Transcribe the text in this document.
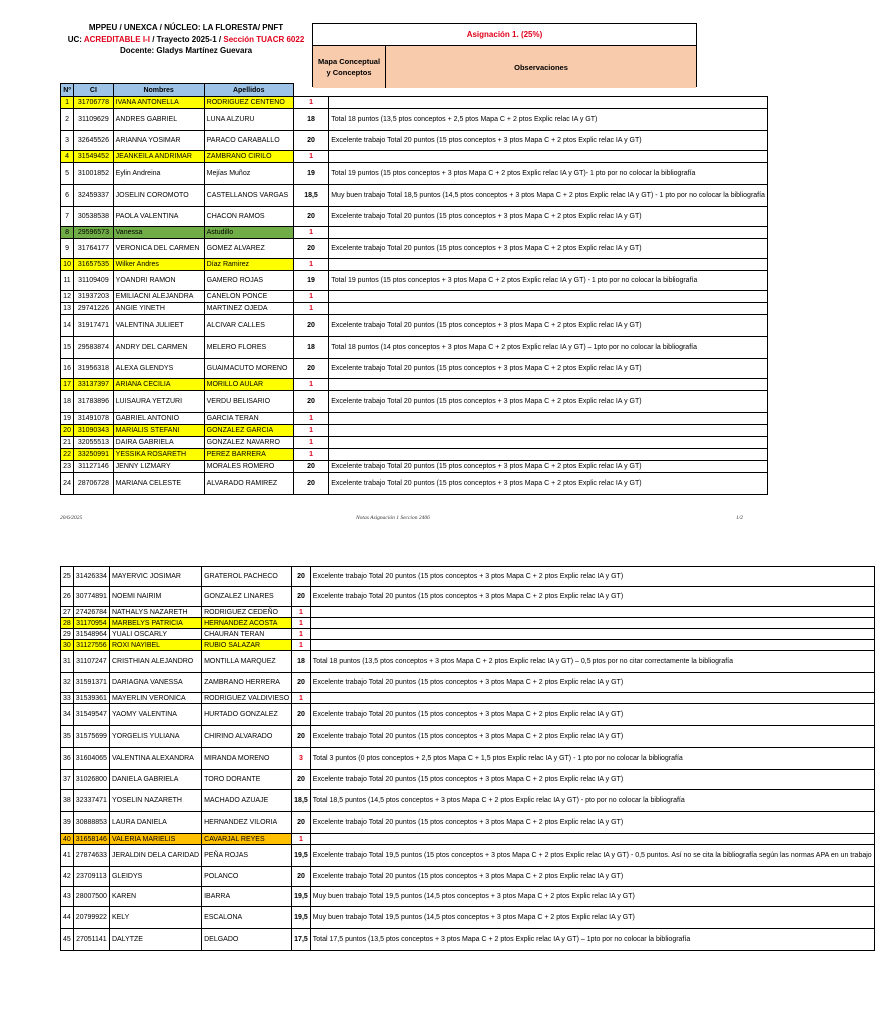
MPPEU / UNEXCA / NÚCLEO: LA FLORESTA/ PNFT
UC: ACREDITABLE I-I / Trayecto 2025-1 / Sección TUACR 6022
Docente: Gladys Martínez Guevara
Asignación 1. (25%)
Mapa Conceptual y Conceptos
Observaciones
Nº	CI	Nombres	Apellidos		
1	31706778	IVANA ANTONELLA	RODRIGUEZ CENTENO	1	
2	31109629	ANDRES GABRIEL	LUNA ALZURU	18	Total 18 puntos (13,5 ptos conceptos + 2,5 ptos Mapa C + 2 ptos Explic relac IA y GT)
3	32645526	ARIANNA YOSIMAR	PARACO CARABALLO	20	Excelente trabajo Total 20 puntos (15 ptos conceptos + 3 ptos Mapa C + 2 ptos Explic relac IA y GT)
4	31549452	JEANKEILA ANDRIMAR	ZAMBRANO CIRILO	1	
5	31001852	Eylin Andreina	Mejías Muñoz	19	Total 19 puntos (15 ptos conceptos + 3 ptos Mapa C + 2 ptos Explic relac IA y GT)- 1 pto por no colocar la bibliografía
6	32459337	JOSELIN COROMOTO	CASTELLANOS VARGAS	18,5	Muy buen trabajo Total 18,5 puntos (14,5 ptos conceptos + 3 ptos Mapa C + 2 ptos Explic relac IA y GT) - 1 pto por no colocar la bibliografía
7	30538538	PAOLA VALENTINA	CHACON RAMOS	20	Excelente trabajo Total 20 puntos (15 ptos conceptos + 3 ptos Mapa C + 2 ptos Explic relac IA y GT)
8	29596573	Vanessa	Astudillo	1	
9	31764177	VERONICA DEL CARMEN	GOMEZ ALVAREZ	20	Excelente trabajo Total 20 puntos (15 ptos conceptos + 3 ptos Mapa C + 2 ptos Explic relac IA y GT)
10	31657535	Wilker Andres	Díaz Ramirez	1	
11	31109409	YOANDRI RAMON	GAMERO ROJAS	19	Total 19 puntos (15 ptos conceptos + 3 ptos Mapa C + 2 ptos Explic relac IA y GT) - 1 pto por no colocar la bibliografía
12	31937203	EMILIACNI ALEJANDRA	CANELON PONCE	1	
13	29741226	ANGIE YINETH	MARTINEZ OJEDA	1	
14	31917471	VALENTINA JULIEET	ALCIVAR CALLES	20	Excelente trabajo Total 20 puntos (15 ptos conceptos + 3 ptos Mapa C + 2 ptos Explic relac IA y GT)
15	29583874	ANDRY DEL CARMEN	MELERO FLORES	18	Total 18 puntos (14 ptos conceptos + 3 ptos Mapa C + 2 ptos Explic relac IA y GT) – 1pto por no colocar la bibliografía
16	31956318	ALEXA GLENDYS	GUAIMACUTO MORENO	20	Excelente trabajo Total 20 puntos (15 ptos conceptos + 3 ptos Mapa C + 2 ptos Explic relac IA y GT)
17	33137397	ARIANA CECILIA	MORILLO AULAR	1	
18	31783896	LUISAURA YETZURI	VERDU BELISARIO	20	Excelente trabajo Total 20 puntos (15 ptos conceptos + 3 ptos Mapa C + 2 ptos Explic relac IA y GT)
19	31491078	GABRIEL ANTONIO	GARCIA TERAN	1	
20	31090343	MARIALIS STEFANI	GONZALEZ GARCIA	1	
21	32055513	DAIRA GABRIELA	GONZALEZ NAVARRO	1	
22	33250991	YESSIKA ROSARETH	PEREZ BARRERA	1	
23	31127146	JENNY LIZMARY	MORALES ROMERO	20	Excelente trabajo Total 20 puntos (15 ptos conceptos + 3 ptos Mapa C + 2 ptos Explic relac IA y GT)
24	28706728	MARIANA CELESTE	ALVARADO RAMIREZ	20	Excelente trabajo Total 20 puntos (15 ptos conceptos + 3 ptos Mapa C + 2 ptos Explic relac IA y GT)
20/6/2025	Notas Asignación 1 Seccion 2406	1/2
25	31426334	MAYERVIC JOSIMAR	GRATEROL PACHECO	20	Excelente trabajo Total 20 puntos (15 ptos conceptos + 3 ptos Mapa C + 2 ptos Explic relac IA y GT)
26	30774891	NOEMI NAIRIM	GONZALEZ LINARES	20	Excelente trabajo Total 20 puntos (15 ptos conceptos + 3 ptos Mapa C + 2 ptos Explic relac IA y GT)
27	27426784	NATHALYS NAZARETH	RODRIGUEZ CEDEÑO	1	
28	31170954	MARBELYS PATRICIA	HERNANDEZ ACOSTA	1	
29	31548964	YUALI OSCARLY	CHAURAN TERAN	1	
30	31127556	ROXI NAYIBEL	RUBIO SALAZAR	1	
31	31107247	CRISTHIAN ALEJANDRO	MONTILLA MARQUEZ	18	Total 18 puntos (13,5 ptos conceptos + 3 ptos Mapa C + 2 ptos Explic relac IA y GT) – 0,5 ptos por no citar correctamente la bibliografía
32	31591371	DARIAGNA VANESSA	ZAMBRANO HERRERA	20	Excelente trabajo Total 20 puntos (15 ptos conceptos + 3 ptos Mapa C + 2 ptos Explic relac IA y GT)
33	31539361	MAYERLIN VERONICA	RODRIGUEZ VALDIVIESO	1	
34	31549547	YAOMY VALENTINA	HURTADO GONZALEZ	20	Excelente trabajo Total 20 puntos (15 ptos conceptos + 3 ptos Mapa C + 2 ptos Explic relac IA y GT)
35	31575699	YORGELIS YULIANA	CHIRINO ALVARADO	20	Excelente trabajo Total 20 puntos (15 ptos conceptos + 3 ptos Mapa C + 2 ptos Explic relac IA y GT)
36	31604065	VALENTINA ALEXANDRA	MIRANDA MORENO	3	Total 3 puntos (0 ptos conceptos + 2,5 ptos Mapa C + 1,5 ptos Explic relac IA y GT) - 1 pto por no colocar la bibliografía
37	31026800	DANIELA GABRIELA	TORO DORANTE	20	Excelente trabajo Total 20 puntos (15 ptos conceptos + 3 ptos Mapa C + 2 ptos Explic relac IA y GT)
38	32337471	YOSELIN NAZARETH	MACHADO AZUAJE	18,5	Total 18,5 puntos (14,5 ptos conceptos + 3 ptos Mapa C + 2 ptos Explic relac IA y GT) - pto por no colocar la bibliografía
39	30888853	LAURA DANIELA	HERNANDEZ VILORIA	20	Excelente trabajo Total 20 puntos (15 ptos conceptos + 3 ptos Mapa C + 2 ptos Explic relac IA y GT)
40	31658146	VALERIA MARIELIS	CAVARJAL REYES	1	
41	27874633	JERALDIN DELA CARIDAD	PEÑA ROJAS	19,5	Excelente trabajo Total 19,5 puntos (15 ptos conceptos + 3 ptos Mapa C + 2 ptos Explic relac IA y GT) - 0,5 puntos. Así no se cita la bibliografía según las normas APA en un trabajo
42	23709113	GLEIDYS	POLANCO	20	Excelente trabajo Total 20 puntos (15 ptos conceptos + 3 ptos Mapa C + 2 ptos Explic relac IA y GT)
43	28007500	KAREN	IBARRA	19,5	Muy buen trabajo Total 19,5 puntos (14,5 ptos conceptos + 3 ptos Mapa C + 2 ptos Explic relac IA y GT)
44	20799922	KELY	ESCALONA	19,5	Muy buen trabajo Total 19,5 puntos (14,5 ptos conceptos + 3 ptos Mapa C + 2 ptos Explic relac IA y GT)
45	27051141	DALYTZE	DELGADO	17,5	Total 17,5 puntos (13,5 ptos conceptos + 3 ptos Mapa C + 2 ptos Explic relac IA y GT) – 1pto por no colocar la bibliografía
